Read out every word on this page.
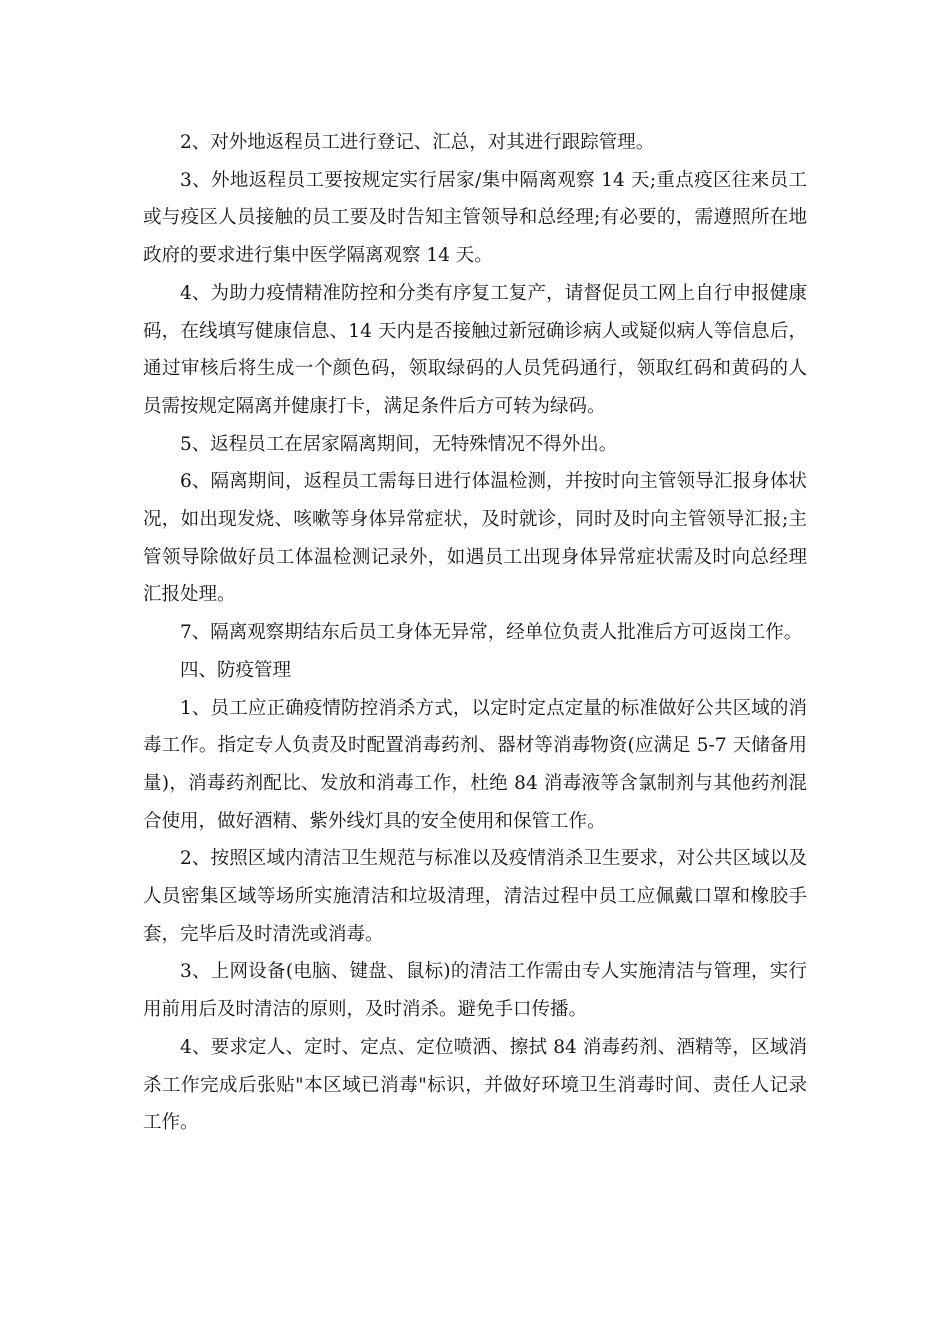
2、对外地返程员工进行登记、汇总，对其进行跟踪管理。

3、外地返程员工要按规定实行居家/集中隔离观察 14 天;重点疫区往来员工或与疫区人员接触的员工要及时告知主管领导和总经理;有必要的，需遵照所在地政府的要求进行集中医学隔离观察 14 天。

4、为助力疫情精准防控和分类有序复工复产，请督促员工网上自行申报健康码，在线填写健康信息、14 天内是否接触过新冠确诊病人或疑似病人等信息后，通过审核后将生成一个颜色码，领取绿码的人员凭码通行，领取红码和黄码的人员需按规定隔离并健康打卡，满足条件后方可转为绿码。

5、返程员工在居家隔离期间，无特殊情况不得外出。

6、隔离期间，返程员工需每日进行体温检测，并按时向主管领导汇报身体状况，如出现发烧、咳嗽等身体异常症状，及时就诊，同时及时向主管领导汇报;主管领导除做好员工体温检测记录外，如遇员工出现身体异常症状需及时向总经理汇报处理。

7、隔离观察期结东后员工身体无异常，经单位负责人批准后方可返岗工作。

四、防疫管理

1、员工应正确疫情防控消杀方式，以定时定点定量的标准做好公共区域的消毒工作。指定专人负责及时配置消毒药剂、器材等消毒物资(应满足 5-7 天储备用量)，消毒药剂配比、发放和消毒工作，杜绝 84 消毒液等含氯制剂与其他药剂混合使用，做好酒精、紫外线灯具的安全使用和保管工作。

2、按照区域内清洁卫生规范与标准以及疫情消杀卫生要求，对公共区域以及人员密集区域等场所实施清洁和垃圾清理，清洁过程中员工应佩戴口罩和橡胶手套，完毕后及时清洗或消毒。

3、上网设备(电脑、键盘、鼠标)的清洁工作需由专人实施清洁与管理，实行用前用后及时清洁的原则，及时消杀。避免手口传播。

4、要求定人、定时、定点、定位喷洒、擦拭 84 消毒药剂、酒精等，区域消杀工作完成后张贴"本区域已消毒"标识，并做好环境卫生消毒时间、责任人记录工作。
